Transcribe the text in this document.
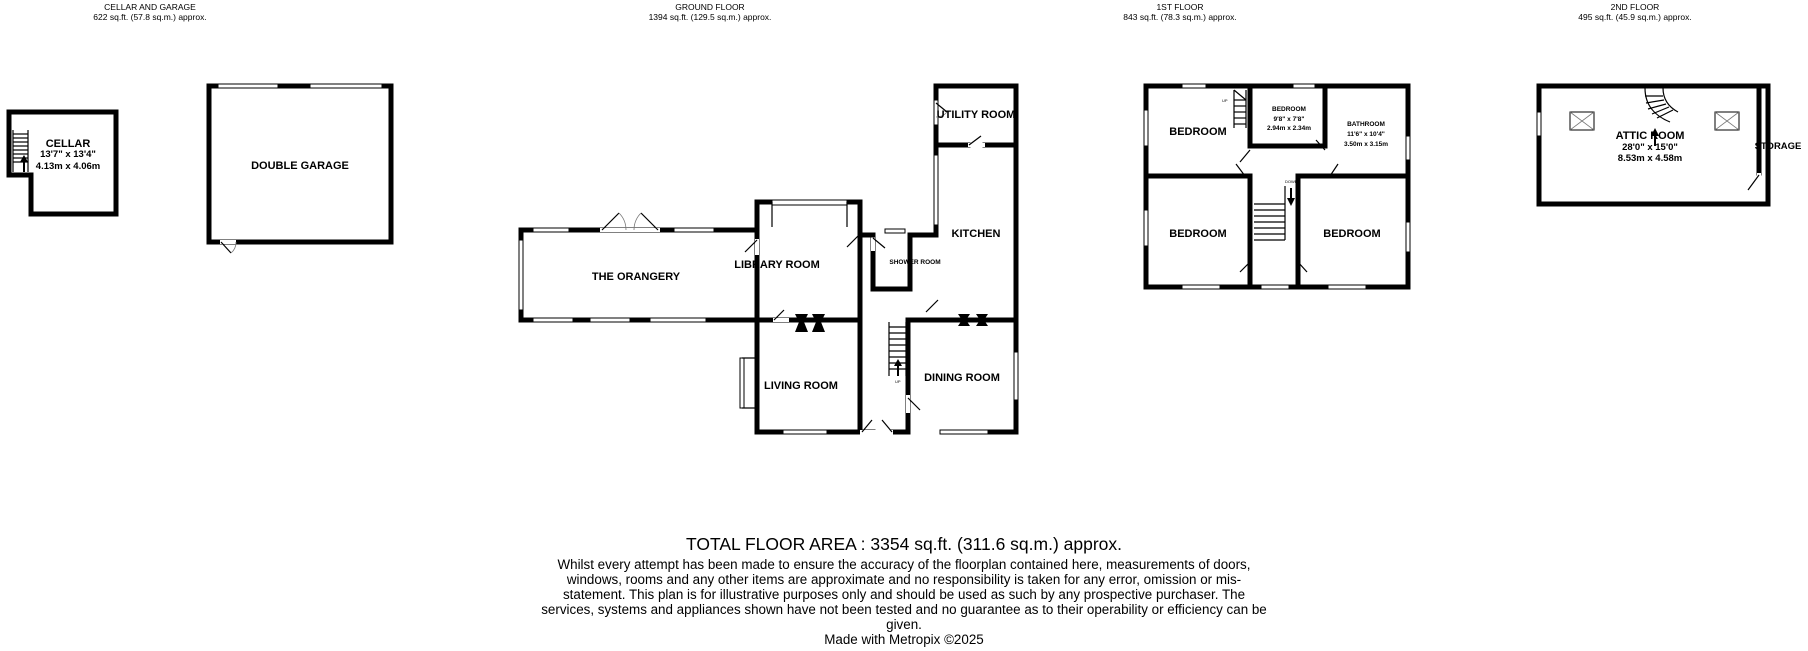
CELLAR AND GARAGE
622 sq.ft. (57.8 sq.m.) approx.
GROUND FLOOR
1394 sq.ft. (129.5 sq.m.) approx.
1ST FLOOR
843 sq.ft. (78.3 sq.m.) approx.
2ND FLOOR
495 sq.ft. (45.9 sq.m.) approx.
CELLAR
13'7" x 13'4"
4.13m x 4.06m	DOUBLE GARAGE
THE ORANGERY
LIBRARY ROOM
LIVING ROOM	UP
SHOWER ROOM
UTILITY ROOM
KITCHEN
DINING ROOM
UP
DOWN
BEDROOM
BEDROOM
9'8" x 7'8"
2.94m x 2.34m
BATHROOM
11'6" x 10'4"
3.50m x 3.15m
BEDROOM	BEDROOM
ATTIC ROOM
28'0" x 15'0"
8.53m x 4.58m
STORAGE
TOTAL FLOOR AREA : 3354 sq.ft. (311.6 sq.m.) approx.
Whilst every attempt has been made to ensure the accuracy of the floorplan contained here, measurements of doors, windows, rooms and any other items are approximate and no responsibility is taken for any error, omission or mis-statement. This plan is for illustrative purposes only and should be used as such by any prospective purchaser. The services, systems and appliances shown have not been tested and no guarantee as to their operability or efficiency can be given.
Made with Metropix ©2025
